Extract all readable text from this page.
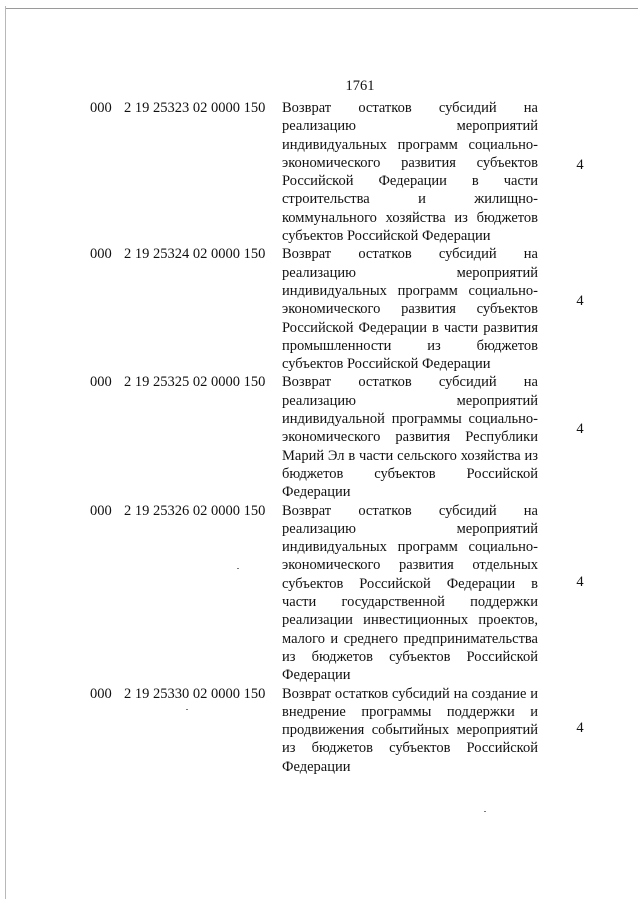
1761
000 2 19 25323 02 0000 150	Возврат остатков субсидий на реализацию мероприятий индивидуальных программ социально-экономического развития субъектов Российской Федерации в части строительства и жилищно-коммунального хозяйства из бюджетов субъектов Российской Федерации
4
000 2 19 25324 02 0000 150	Возврат остатков субсидий на реализацию мероприятий индивидуальных программ социально-экономического развития субъектов Российской Федерации в части развития промышленности из бюджетов субъектов Российской Федерации
4
000 2 19 25325 02 0000 150	Возврат остатков субсидий на реализацию мероприятий индивидуальной программы социально-экономического развития Республики Марий Эл в части сельского хозяйства из бюджетов субъектов Российской Федерации
4
000 2 19 25326 02 0000 150	Возврат остатков субсидий на реализацию мероприятий индивидуальных программ социально-экономического развития отдельных субъектов Российской Федерации в части государственной поддержки реализации инвестиционных проектов, малого и среднего предпринимательства из бюджетов субъектов Российской Федерации
4
000 2 19 25330 02 0000 150	Возврат остатков субсидий на создание и внедрение программы поддержки и продвижения событийных мероприятий из бюджетов субъектов Российской Федерации
4
